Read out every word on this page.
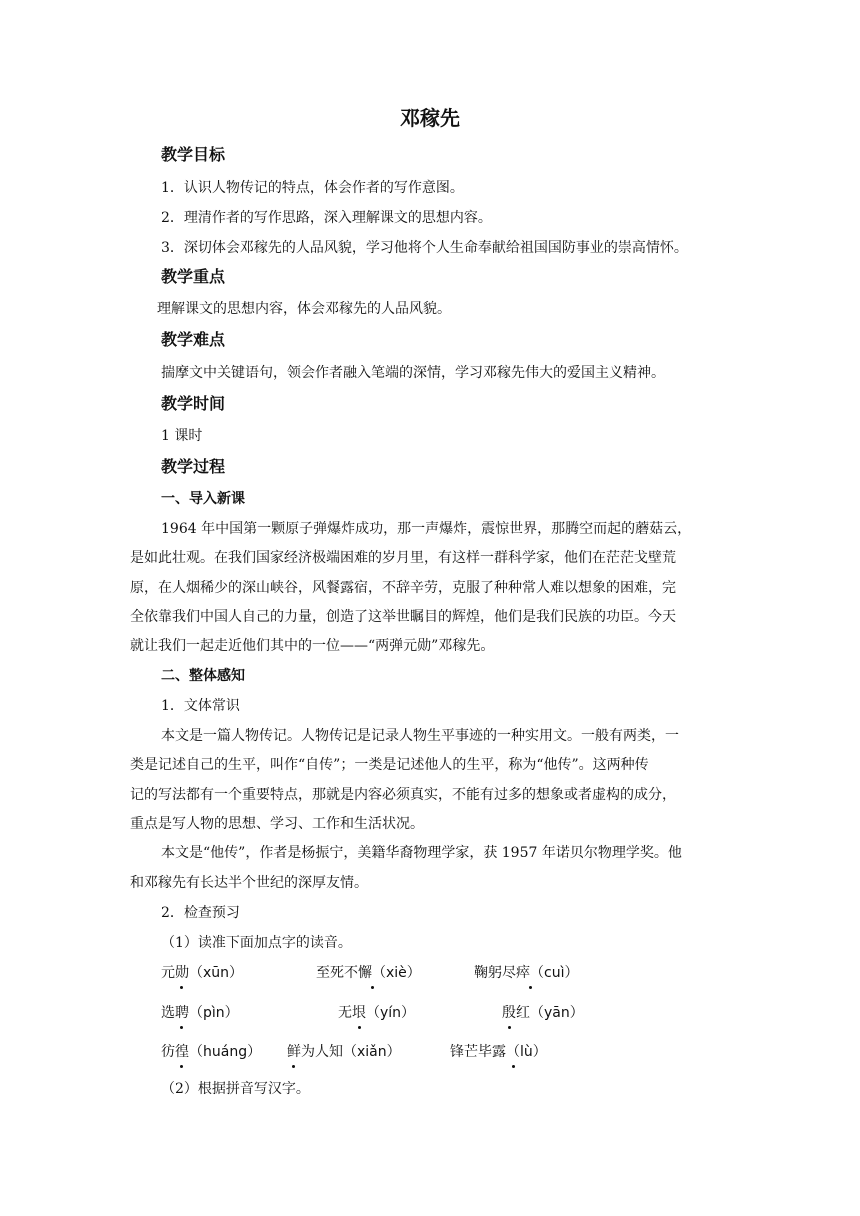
邓稼先
教学目标
1．认识人物传记的特点，体会作者的写作意图。
2．理清作者的写作思路，深入理解课文的思想内容。
3．深切体会邓稼先的人品风貌，学习他将个人生命奉献给祖国国防事业的崇高情怀。
教学重点
理解课文的思想内容，体会邓稼先的人品风貌。
教学难点
揣摩文中关键语句，领会作者融入笔端的深情，学习邓稼先伟大的爱国主义精神。
教学时间
1 课时
教学过程
一、导入新课
1964 年中国第一颗原子弹爆炸成功，那一声爆炸，震惊世界，那腾空而起的蘑菇云，
是如此壮观。在我们国家经济极端困难的岁月里，有这样一群科学家，他们在茫茫戈壁荒
原，在人烟稀少的深山峡谷，风餐露宿，不辞辛劳，克服了种种常人难以想象的困难，完
全依靠我们中国人自己的力量，创造了这举世瞩目的辉煌，他们是我们民族的功臣。今天
就让我们一起走近他们其中的一位——“两弹元勋”邓稼先。
二、整体感知
1．文体常识
本文是一篇人物传记。人物传记是记录人物生平事迹的一种实用文。一般有两类，一
类是记述自己的生平，叫作“自传”；一类是记述他人的生平，称为“他传”。这两种传
记的写法都有一个重要特点，那就是内容必须真实，不能有过多的想象或者虚构的成分，
重点是写人物的思想、学习、工作和生活状况。
本文是“他传”，作者是杨振宁，美籍华裔物理学家，获 1957 年诺贝尔物理学奖。他
和邓稼先有长达半个世纪的深厚友情。
2．检查预习
（1）读准下面加点字的读音。
元勋（xūn）	至死不懈（xiè）	鞠躬尽瘁（cuì）
选聘（pìn）	无垠（yín）	殷红（yān）
彷徨（huáng） 鲜为人知（xiǎn）	锋芒毕露（lù）
（2）根据拼音写汉字。
